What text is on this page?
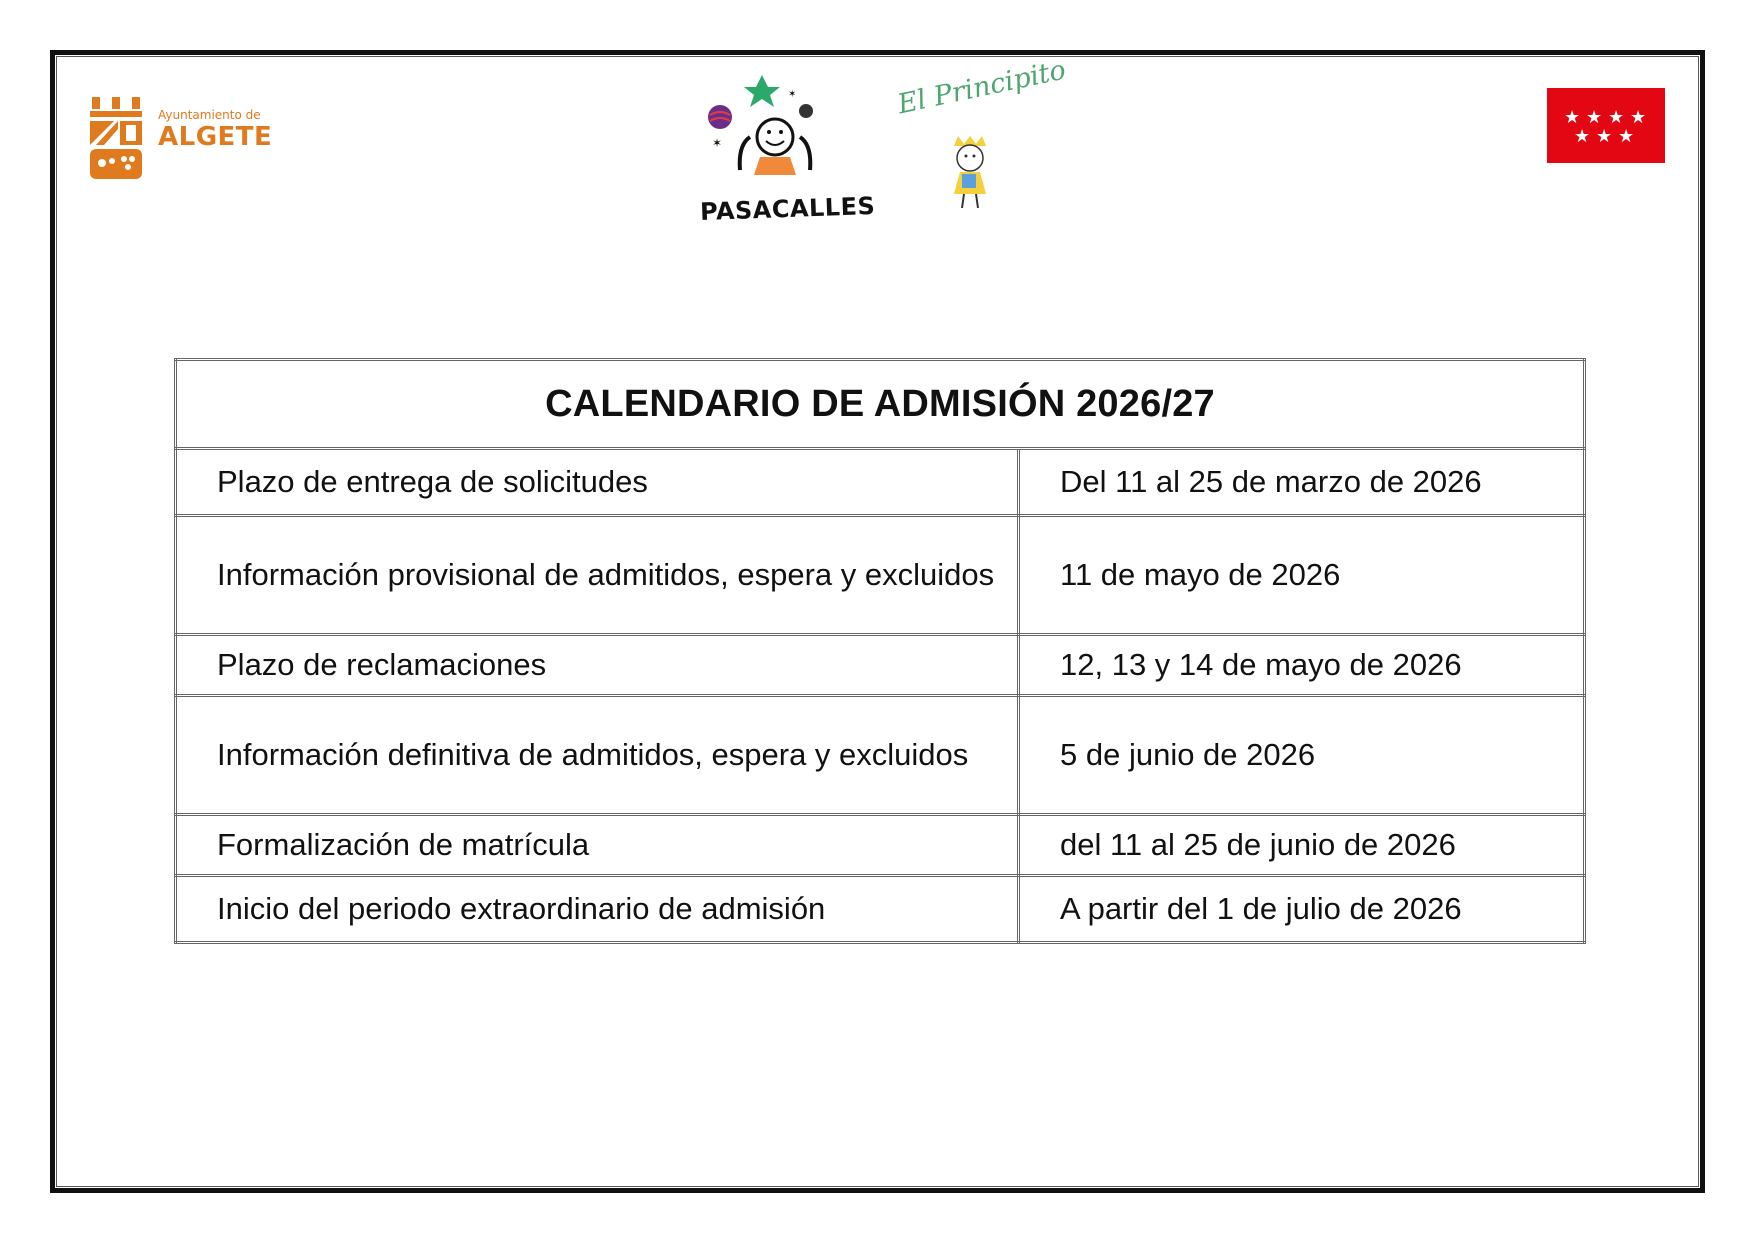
Ayuntamiento de
ALGETE	✶
✶
PASACALLES
El Principito	★ ★ ★ ★
★ ★ ★
CALENDARIO DE ADMISIÓN 2026/27	
Plazo de entrega de solicitudes	Del 11 al 25 de marzo de 2026
Información provisional de admitidos, espera y excluidos	11 de mayo de 2026
Plazo de reclamaciones	12, 13 y 14 de mayo de 2026
Información definitiva de admitidos, espera y excluidos	5 de junio de 2026
Formalización de matrícula	del 11 al 25 de junio de 2026
Inicio del periodo extraordinario de admisión	A partir del 1 de julio de 2026
